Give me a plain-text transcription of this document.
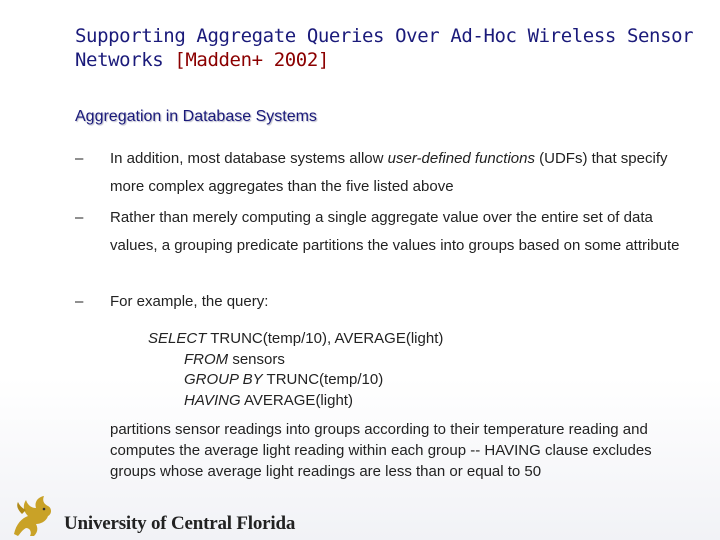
Supporting Aggregate Queries Over Ad-Hoc Wireless Sensor Networks [Madden+ 2002]
Aggregation in Database Systems
–	In addition, most database systems allow user-defined functions (UDFs) that specify more complex aggregates than the five listed above
–	Rather than merely computing a single aggregate value over the entire set of data values, a grouping predicate partitions the values into groups based on some attribute
–	For example, the query:
SELECT TRUNC(temp/10), AVERAGE(light)
FROM sensors
GROUP BY TRUNC(temp/10)
HAVING AVERAGE(light)
partitions sensor readings into groups according to their temperature reading and computes the average light reading within each group -- HAVING clause excludes groups whose average light readings are less than or equal to 50
University of Central Florida
